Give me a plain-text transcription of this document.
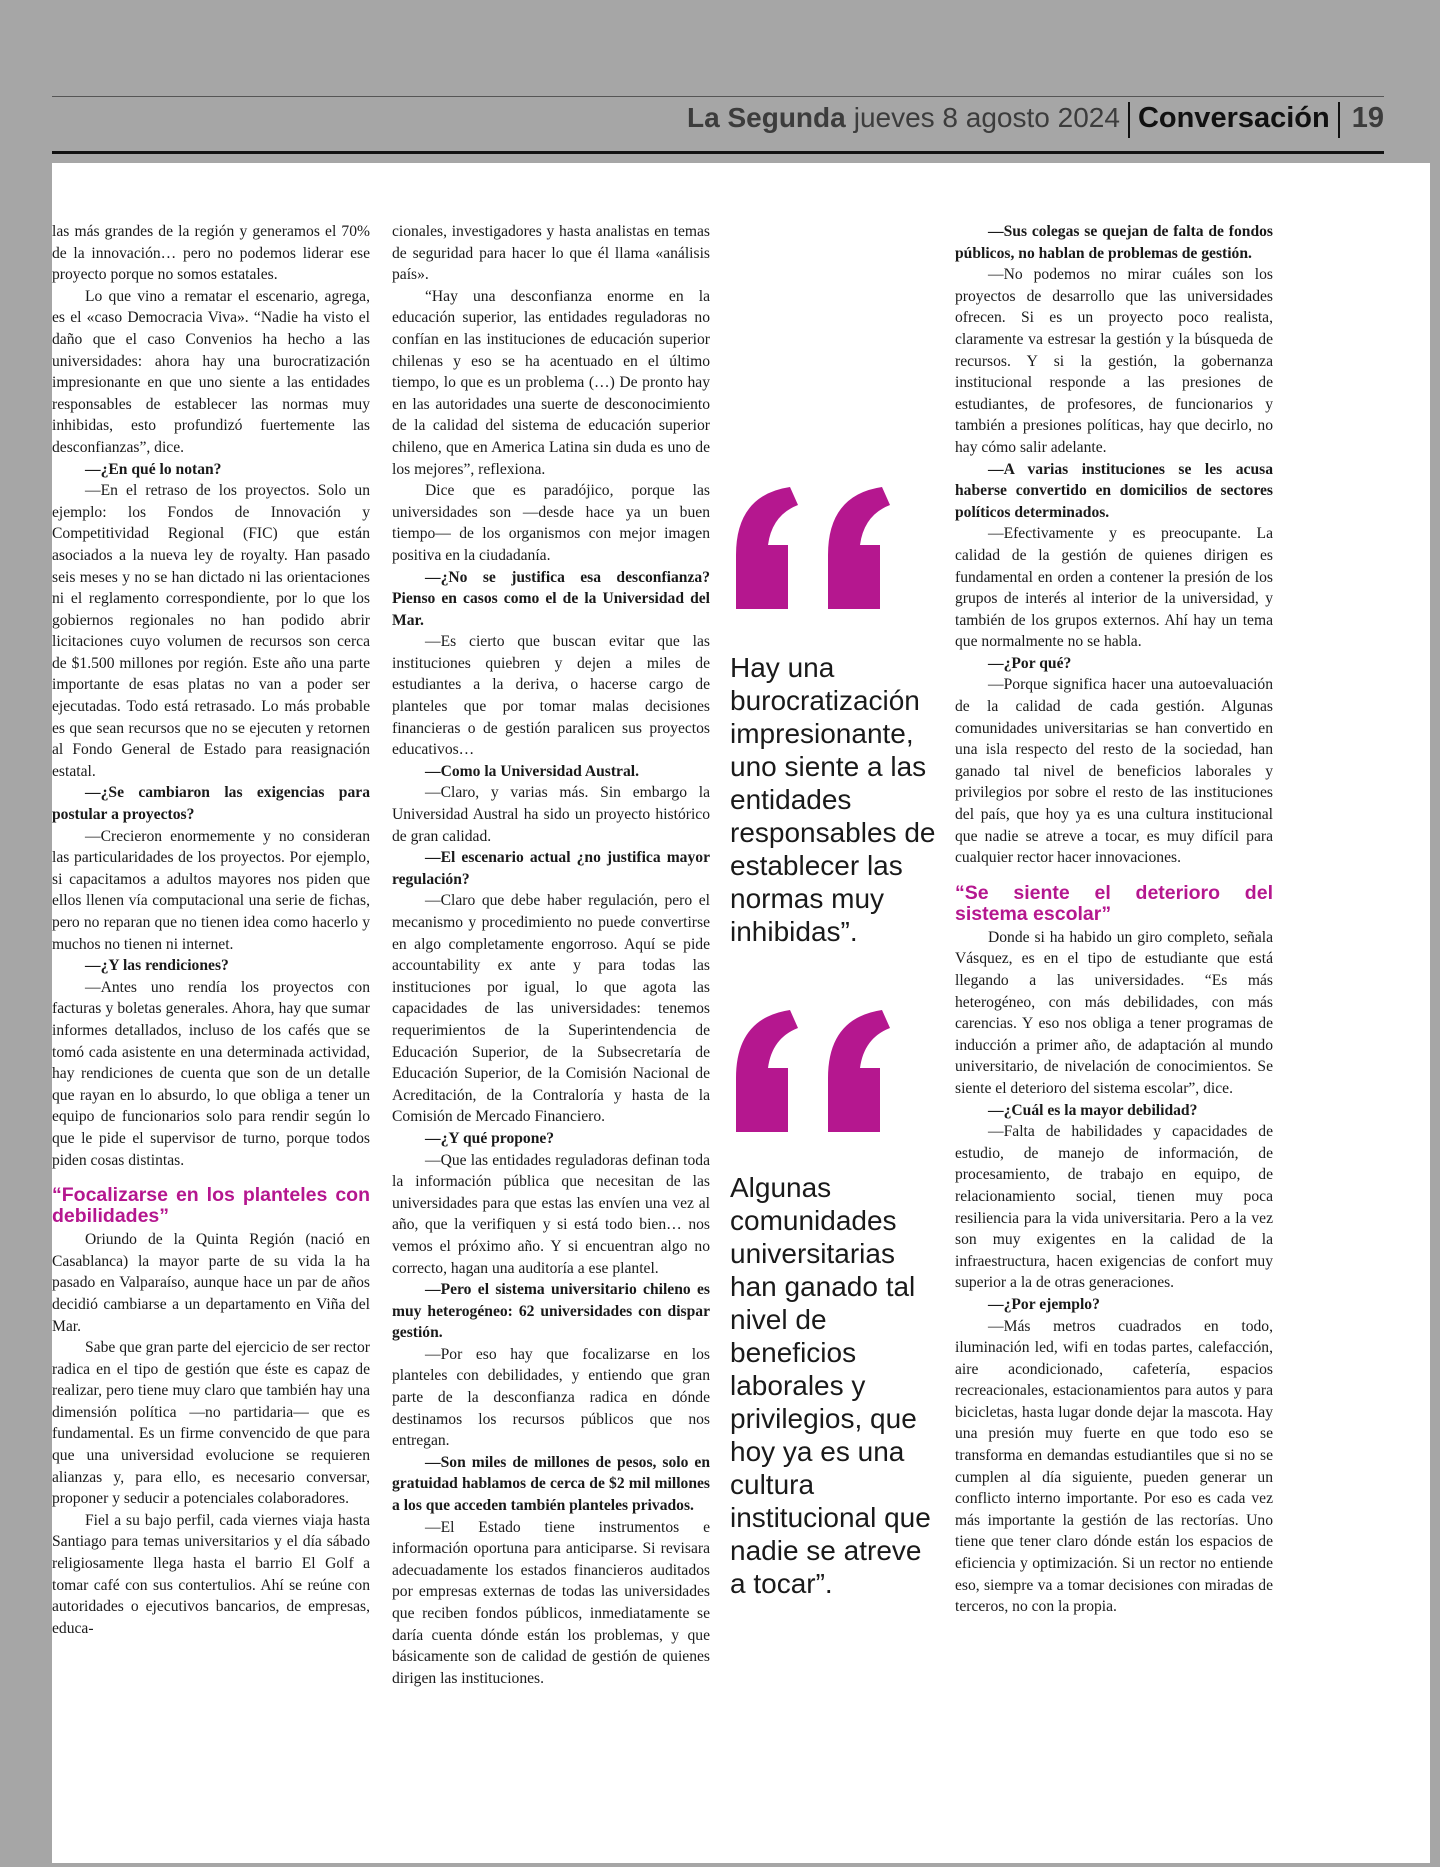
La Segunda jueves 8 agosto 2024 Conversación 19

las más grandes de la región y generamos el 70% de la innovación… pero no podemos liderar ese proyecto porque no somos estatales.

Lo que vino a rematar el escenario, agrega, es el «caso Democracia Viva». “Nadie ha visto el daño que el caso Convenios ha hecho a las universidades: ahora hay una burocratización impresionante en que uno siente a las entidades responsables de establecer las normas muy inhibidas, esto profundizó fuertemente las desconfianzas”, dice.

—¿En qué lo notan?

—En el retraso de los proyectos. Solo un ejemplo: los Fondos de Innovación y Competitividad Regional (FIC) que están asociados a la nueva ley de royalty. Han pasado seis meses y no se han dictado ni las orientaciones ni el reglamento correspondiente, por lo que los gobiernos regionales no han podido abrir licitaciones cuyo volumen de recursos son cerca de $1.500 millones por región. Este año una parte importante de esas platas no van a poder ser ejecutadas. Todo está retrasado. Lo más probable es que sean recursos que no se ejecuten y retornen al Fondo General de Estado para reasignación estatal.

—¿Se cambiaron las exigencias para postular a proyectos?

—Crecieron enormemente y no consideran las particularidades de los proyectos. Por ejemplo, si capacitamos a adultos mayores nos piden que ellos llenen vía computacional una serie de fichas, pero no reparan que no tienen idea como hacerlo y muchos no tienen ni internet.

—¿Y las rendiciones?

—Antes uno rendía los proyectos con facturas y boletas generales. Ahora, hay que sumar informes detallados, incluso de los cafés que se tomó cada asistente en una determinada actividad, hay rendiciones de cuenta que son de un detalle que rayan en lo absurdo, lo que obliga a tener un equipo de funcionarios solo para rendir según lo que le pide el supervisor de turno, porque todos piden cosas distintas.

“Focalizarse en los planteles con debilidades”

Oriundo de la Quinta Región (nació en Casablanca) la mayor parte de su vida la ha pasado en Valparaíso, aunque hace un par de años decidió cambiarse a un departamento en Viña del Mar.

Sabe que gran parte del ejercicio de ser rector radica en el tipo de gestión que éste es capaz de realizar, pero tiene muy claro que también hay una dimensión política —no partidaria— que es fundamental. Es un firme convencido de que para que una universidad evolucione se requieren alianzas y, para ello, es necesario conversar, proponer y seducir a potenciales colaboradores.

Fiel a su bajo perfil, cada viernes viaja hasta Santiago para temas universitarios y el día sábado religiosamente llega hasta el barrio El Golf a tomar café con sus contertulios. Ahí se reúne con autoridades o ejecutivos bancarios, de empresas, educa-

cionales, investigadores y hasta analistas en temas de seguridad para hacer lo que él llama «análisis país».

“Hay una desconfianza enorme en la educación superior, las entidades reguladoras no confían en las instituciones de educación superior chilenas y eso se ha acentuado en el último tiempo, lo que es un problema (…) De pronto hay en las autoridades una suerte de desconocimiento de la calidad del sistema de educación superior chileno, que en America Latina sin duda es uno de los mejores”, reflexiona.

Dice que es paradójico, porque las universidades son —desde hace ya un buen tiempo— de los organismos con mejor imagen positiva en la ciudadanía.

—¿No se justifica esa desconfianza? Pienso en casos como el de la Universidad del Mar.

—Es cierto que buscan evitar que las instituciones quiebren y dejen a miles de estudiantes a la deriva, o hacerse cargo de planteles que por tomar malas decisiones financieras o de gestión paralicen sus proyectos educativos…

—Como la Universidad Austral.

—Claro, y varias más. Sin embargo la Universidad Austral ha sido un proyecto histórico de gran calidad.

—El escenario actual ¿no justifica mayor regulación?

—Claro que debe haber regulación, pero el mecanismo y procedimiento no puede convertirse en algo completamente engorroso. Aquí se pide accountability ex ante y para todas las instituciones por igual, lo que agota las capacidades de las universidades: tenemos requerimientos de la Superintendencia de Educación Superior, de la Subsecretaría de Educación Superior, de la Comisión Nacional de Acreditación, de la Contraloría y hasta de la Comisión de Mercado Financiero.

—¿Y qué propone?

—Que las entidades reguladoras definan toda la información pública que necesitan de las universidades para que estas las envíen una vez al año, que la verifiquen y si está todo bien… nos vemos el próximo año. Y si encuentran algo no correcto, hagan una auditoría a ese plantel.

—Pero el sistema universitario chileno es muy heterogéneo: 62 universidades con dispar gestión.

—Por eso hay que focalizarse en los planteles con debilidades, y entiendo que gran parte de la desconfianza radica en dónde destinamos los recursos públicos que nos entregan.

—Son miles de millones de pesos, solo en gratuidad hablamos de cerca de $2 mil millones a los que acceden también planteles privados.

—El Estado tiene instrumentos e información oportuna para anticiparse. Si revisara adecuadamente los estados financieros auditados por empresas externas de todas las universidades que reciben fondos públicos, inmediatamente se daría cuenta dónde están los problemas, y que básicamente son de calidad de gestión de quienes dirigen las instituciones.

Hay una burocratización impresionante, uno siente a las entidades responsables de establecer las normas muy inhibidas”.
Algunas comunidades universitarias han ganado tal nivel de beneficios laborales y privilegios, que hoy ya es una cultura institucional que nadie se atreve a tocar”.

—Sus colegas se quejan de falta de fondos públicos, no hablan de problemas de gestión.

—No podemos no mirar cuáles son los proyectos de desarrollo que las universidades ofrecen. Si es un proyecto poco realista, claramente va estresar la gestión y la búsqueda de recursos. Y si la gestión, la gobernanza institucional responde a las presiones de estudiantes, de profesores, de funcionarios y también a presiones políticas, hay que decirlo, no hay cómo salir adelante.

—A varias instituciones se les acusa haberse convertido en domicilios de sectores políticos determinados.

—Efectivamente y es preocupante. La calidad de la gestión de quienes dirigen es fundamental en orden a contener la presión de los grupos de interés al interior de la universidad, y también de los grupos externos. Ahí hay un tema que normalmente no se habla.

—¿Por qué?

—Porque significa hacer una autoevaluación de la calidad de cada gestión. Algunas comunidades universitarias se han convertido en una isla respecto del resto de la sociedad, han ganado tal nivel de beneficios laborales y privilegios por sobre el resto de las instituciones del país, que hoy ya es una cultura institucional que nadie se atreve a tocar, es muy difícil para cualquier rector hacer innovaciones.

“Se siente el deterioro del sistema escolar”

Donde si ha habido un giro completo, señala Vásquez, es en el tipo de estudiante que está llegando a las universidades. “Es más heterogéneo, con más debilidades, con más carencias. Y eso nos obliga a tener programas de inducción a primer año, de adaptación al mundo universitario, de nivelación de conocimientos. Se siente el deterioro del sistema escolar”, dice.

—¿Cuál es la mayor debilidad?

—Falta de habilidades y capacidades de estudio, de manejo de información, de procesamiento, de trabajo en equipo, de relacionamiento social, tienen muy poca resiliencia para la vida universitaria. Pero a la vez son muy exigentes en la calidad de la infraestructura, hacen exigencias de confort muy superior a la de otras generaciones.

—¿Por ejemplo?

—Más metros cuadrados en todo, iluminación led, wifi en todas partes, calefacción, aire acondicionado, cafetería, espacios recreacionales, estacionamientos para autos y para bicicletas, hasta lugar donde dejar la mascota. Hay una presión muy fuerte en que todo eso se transforma en demandas estudiantiles que si no se cumplen al día siguiente, pueden generar un conflicto interno importante. Por eso es cada vez más importante la gestión de las rectorías. Uno tiene que tener claro dónde están los espacios de eficiencia y optimización. Si un rector no entiende eso, siempre va a tomar decisiones con miradas de terceros, no con la propia.
